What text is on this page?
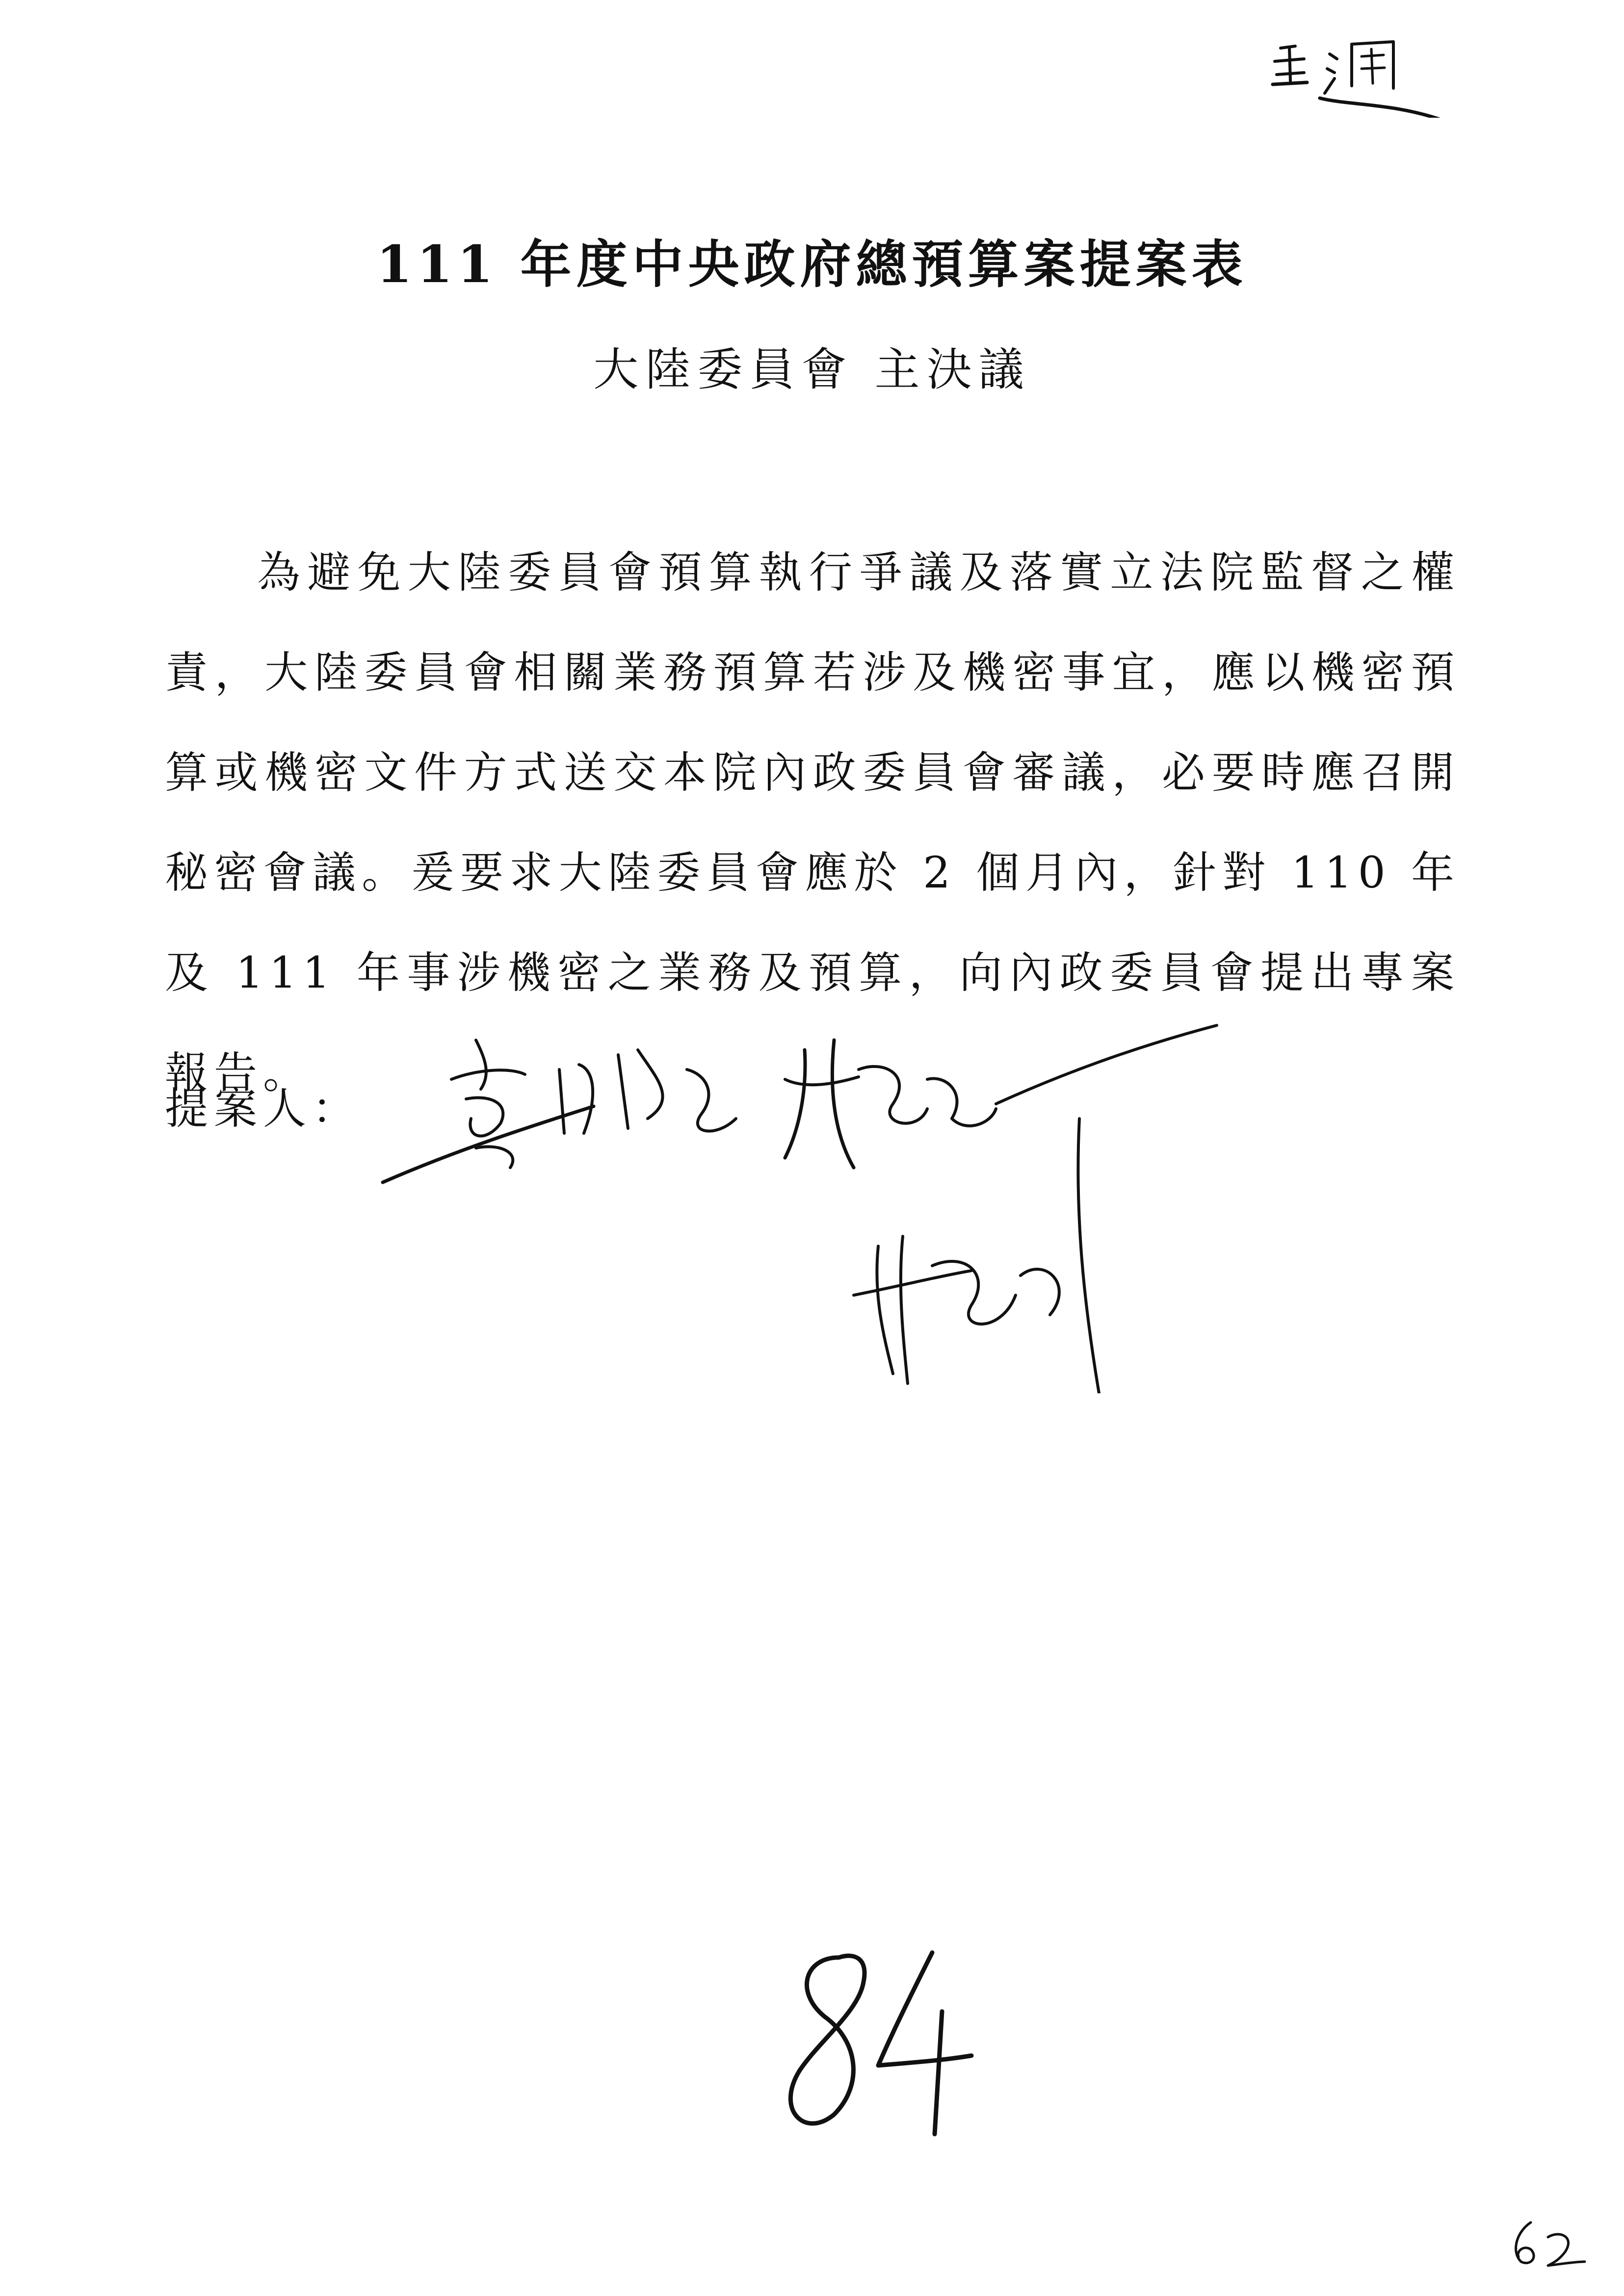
111 年度中央政府總預算案提案表
大陸委員會 主決議
為避免大陸委員會預算執行爭議及落實立法院監督之權責，大陸委員會相關業務預算若涉及機密事宜，應以機密預算或機密文件方式送交本院內政委員會審議，必要時應召開秘密會議。爰要求大陸委員會應於 2 個月內，針對 110 年及 111 年事涉機密之業務及預算，向內政委員會提出專案報告。
提案人：
